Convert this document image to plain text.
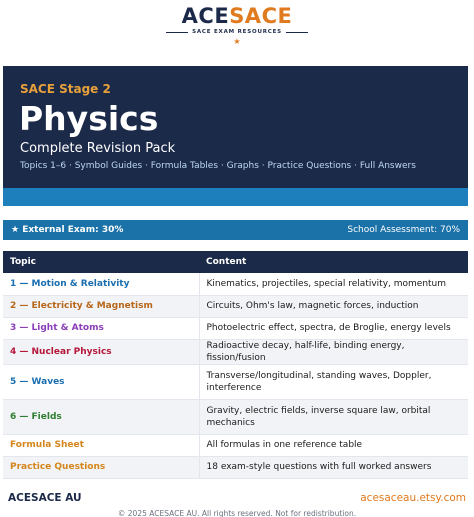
ACESACE
SACE EXAM RESOURCES
★
SACE Stage 2
Physics
Complete Revision Pack
Topics 1–6 · Symbol Guides · Formula Tables · Graphs · Practice Questions · Full Answers
★ External Exam: 30%	School Assessment: 70%
Topic	Content
1 — Motion & Relativity	Kinematics, projectiles, special relativity, momentum
2 — Electricity & Magnetism	Circuits, Ohm's law, magnetic forces, induction
3 — Light & Atoms	Photoelectric effect, spectra, de Broglie, energy levels
4 — Nuclear Physics	Radioactive decay, half-life, binding energy, fission/fusion
5 — Waves	Transverse/longitudinal, standing waves, Doppler, interference
6 — Fields	Gravity, electric fields, inverse square law, orbital mechanics
Formula Sheet	All formulas in one reference table
Practice Questions	18 exam-style questions with full worked answers
ACESACE AU	acesaceau.etsy.com
© 2025 ACESACE AU. All rights reserved. Not for redistribution.
